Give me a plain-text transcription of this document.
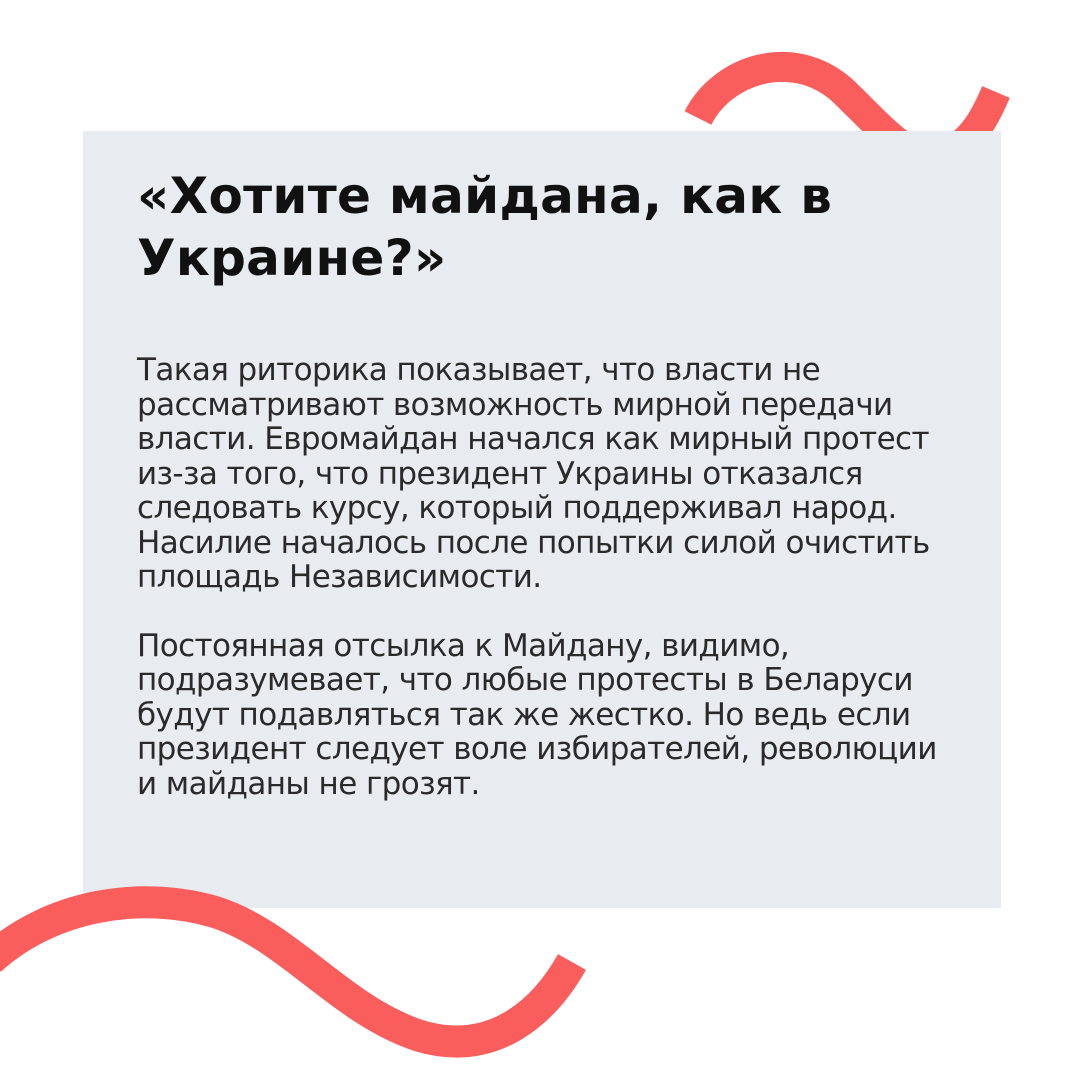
«Хотите майдана, как в Украине?»

Такая риторика показывает, что власти не рассматривают возможность мирной передачи власти. Евромайдан начался как мирный протест из-за того, что президент Украины отказался следовать курсу, который поддерживал народ. Насилие началось после попытки силой очистить площадь Независимости.

Постоянная отсылка к Майдану, видимо, подразумевает, что любые протесты в Беларуси будут подавляться так же жестко. Но ведь если президент следует воле избирателей, революции и майданы не грозят.
